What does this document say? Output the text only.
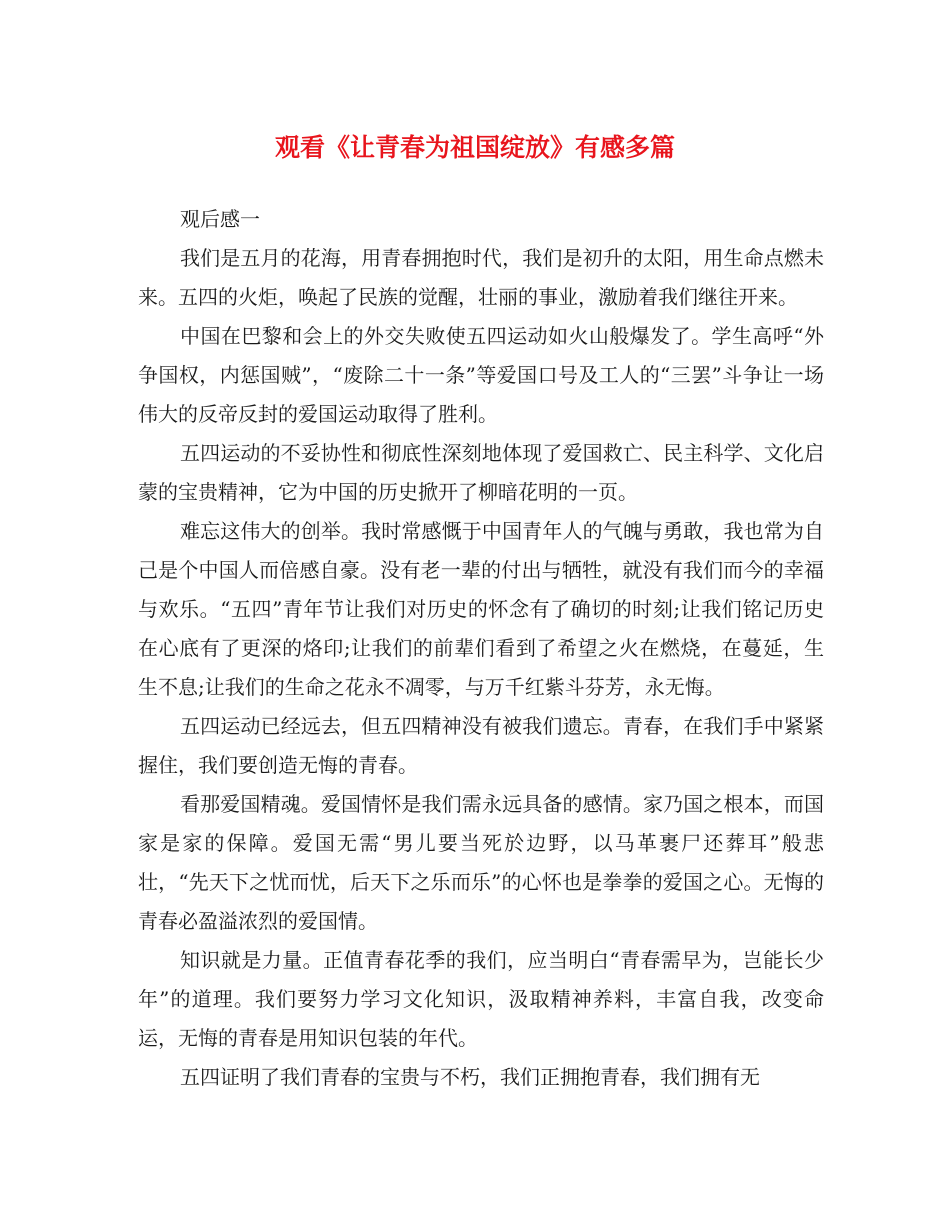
观看《让青春为祖国绽放》有感多篇

观后感一

我们是五月的花海，用青春拥抱时代，我们是初升的太阳，用生命点燃未来。五四的火炬，唤起了民族的觉醒，壮丽的事业，激励着我们继往开来。

中国在巴黎和会上的外交失败使五四运动如火山般爆发了。学生高呼“外争国权，内惩国贼”，“废除二十一条”等爱国口号及工人的“三罢”斗争让一场伟大的反帝反封的爱国运动取得了胜利。

五四运动的不妥协性和彻底性深刻地体现了爱国救亡、民主科学、文化启蒙的宝贵精神，它为中国的历史掀开了柳暗花明的一页。

难忘这伟大的创举。我时常感慨于中国青年人的气魄与勇敢，我也常为自己是个中国人而倍感自豪。没有老一辈的付出与牺牲，就没有我们而今的幸福与欢乐。“五四”青年节让我们对历史的怀念有了确切的时刻;让我们铭记历史在心底有了更深的烙印;让我们的前辈们看到了希望之火在燃烧，在蔓延，生生不息;让我们的生命之花永不凋零，与万千红紫斗芬芳，永无悔。

五四运动已经远去，但五四精神没有被我们遗忘。青春，在我们手中紧紧握住，我们要创造无悔的青春。

看那爱国精魂。爱国情怀是我们需永远具备的感情。家乃国之根本，而国家是家的保障。爱国无需“男儿要当死於边野，以马革裹尸还葬耳”般悲壮，“先天下之忧而忧，后天下之乐而乐”的心怀也是拳拳的爱国之心。无悔的青春必盈溢浓烈的爱国情。

知识就是力量。正值青春花季的我们，应当明白“青春需早为，岂能长少年”的道理。我们要努力学习文化知识，汲取精神养料，丰富自我，改变命运，无悔的青春是用知识包装的年代。

五四证明了我们青春的宝贵与不朽，我们正拥抱青春，我们拥有无
